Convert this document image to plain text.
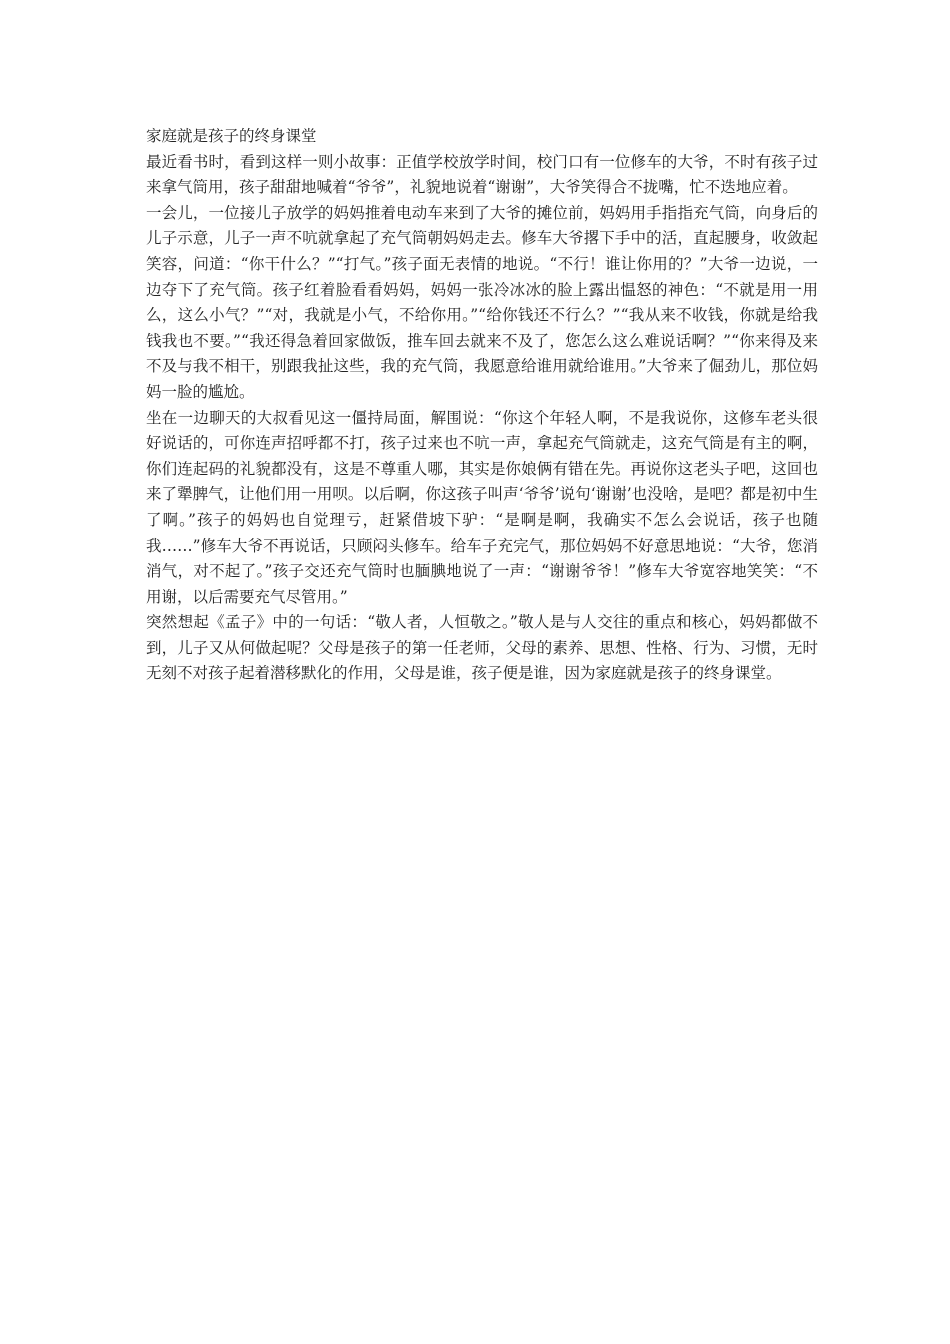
家庭就是孩子的终身课堂

最近看书时，看到这样一则小故事：正值学校放学时间，校门口有一位修车的大爷，不时有孩子过来拿气筒用，孩子甜甜地喊着“爷爷”，礼貌地说着“谢谢”，大爷笑得合不拢嘴，忙不迭地应着。

一会儿，一位接儿子放学的妈妈推着电动车来到了大爷的摊位前，妈妈用手指指充气筒，向身后的儿子示意，儿子一声不吭就拿起了充气筒朝妈妈走去。修车大爷撂下手中的活，直起腰身，收敛起笑容，问道：“你干什么？”“打气。”孩子面无表情的地说。“不行！谁让你用的？”大爷一边说，一边夺下了充气筒。孩子红着脸看看妈妈，妈妈一张冷冰冰的脸上露出愠怒的神色：“不就是用一用么，这么小气？”“对，我就是小气，不给你用。”“给你钱还不行么？”“我从来不收钱，你就是给我钱我也不要。”“我还得急着回家做饭，推车回去就来不及了，您怎么这么难说话啊？”“你来得及来不及与我不相干，别跟我扯这些，我的充气筒，我愿意给谁用就给谁用。”大爷来了倔劲儿，那位妈妈一脸的尴尬。

坐在一边聊天的大叔看见这一僵持局面，解围说：“你这个年轻人啊，不是我说你，这修车老头很好说话的，可你连声招呼都不打，孩子过来也不吭一声，拿起充气筒就走，这充气筒是有主的啊，你们连起码的礼貌都没有，这是不尊重人哪，其实是你娘俩有错在先。再说你这老头子吧，这回也来了犟脾气，让他们用一用呗。以后啊，你这孩子叫声‘爷爷’说句‘谢谢’也没啥，是吧？都是初中生了啊。”孩子的妈妈也自觉理亏，赶紧借坡下驴：“是啊是啊，我确实不怎么会说话，孩子也随我……”修车大爷不再说话，只顾闷头修车。给车子充完气，那位妈妈不好意思地说：“大爷，您消消气，对不起了。”孩子交还充气筒时也腼腆地说了一声：“谢谢爷爷！”修车大爷宽容地笑笑：“不用谢，以后需要充气尽管用。”

突然想起《孟子》中的一句话：“敬人者，人恒敬之。”敬人是与人交往的重点和核心，妈妈都做不到，儿子又从何做起呢？父母是孩子的第一任老师，父母的素养、思想、性格、行为、习惯，无时无刻不对孩子起着潜移默化的作用，父母是谁，孩子便是谁，因为家庭就是孩子的终身课堂。
